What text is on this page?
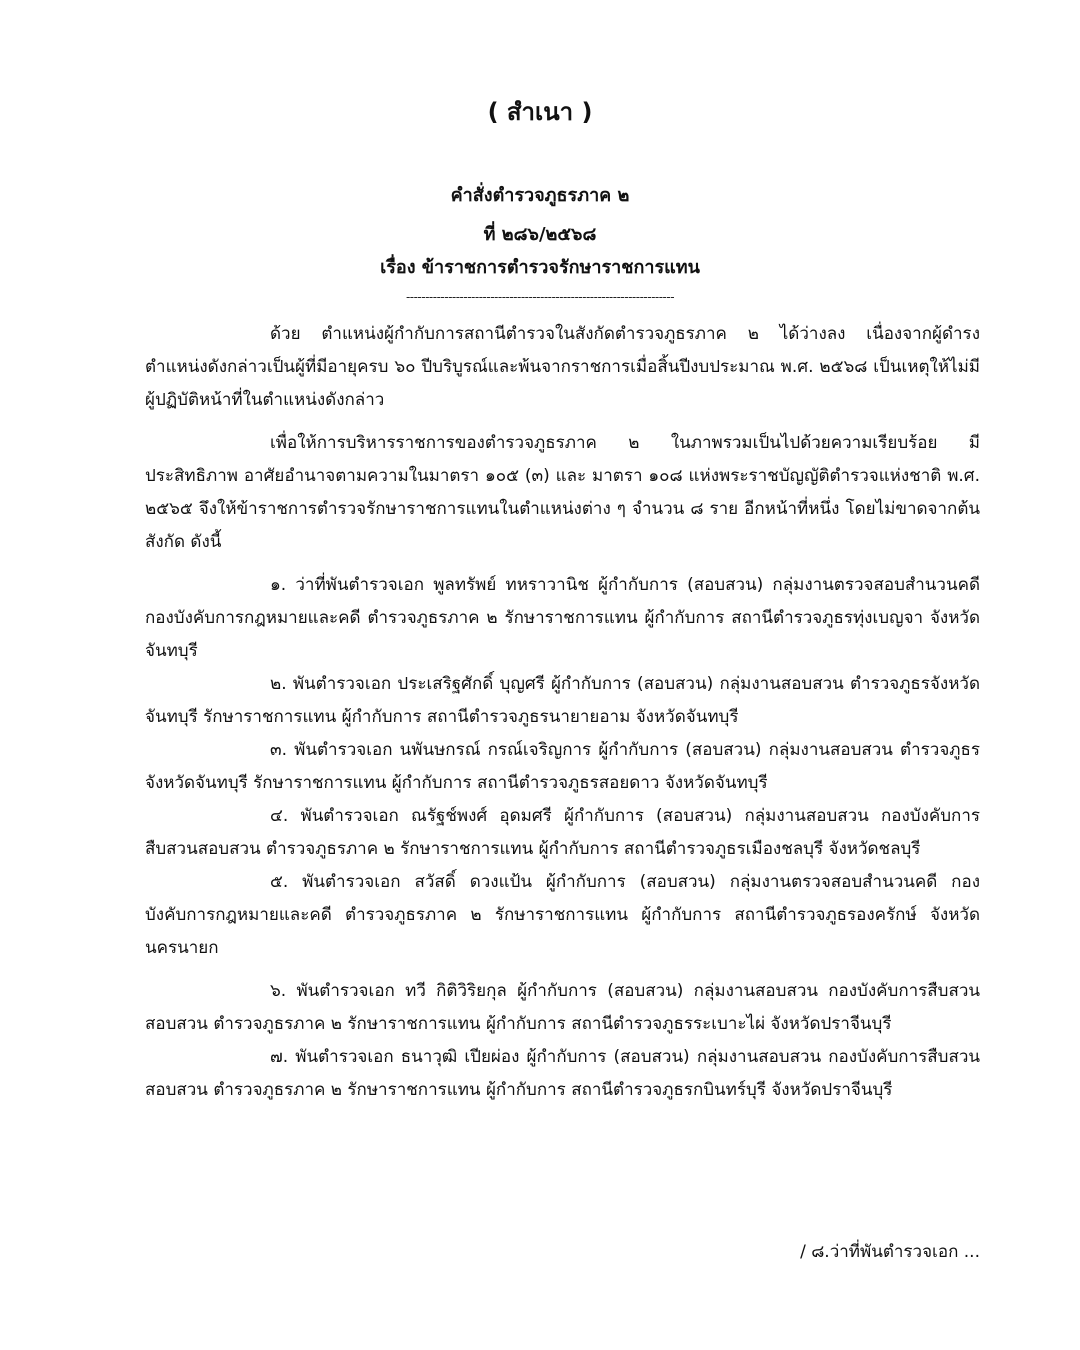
( สำเนา )
คำสั่งตำรวจภูธรภาค ๒
ที่ ๒๘๖/๒๕๖๘
เรื่อง ข้าราชการตำรวจรักษาราชการแทน
----------------------------------------------------------------------

ด้วย ตำแหน่งผู้กำกับการสถานีตำรวจในสังกัดตำรวจภูธรภาค ๒ ได้ว่างลง เนื่องจากผู้ดำรงตำแหน่งดังกล่าวเป็นผู้ที่มีอายุครบ ๖๐ ปีบริบูรณ์และพ้นจากราชการเมื่อสิ้นปีงบประมาณ พ.ศ. ๒๕๖๘ เป็นเหตุให้ไม่มีผู้ปฏิบัติหน้าที่ในตำแหน่งดังกล่าว

เพื่อให้การบริหารราชการของตำรวจภูธรภาค ๒ ในภาพรวมเป็นไปด้วยความเรียบร้อย มีประสิทธิภาพ อาศัยอำนาจตามความในมาตรา ๑๐๕ (๓) และ มาตรา ๑๐๘ แห่งพระราชบัญญัติตำรวจแห่งชาติ พ.ศ. ๒๕๖๕ จึงให้ข้าราชการตำรวจรักษาราชการแทนในตำแหน่งต่าง ๆ จำนวน ๘ ราย อีกหน้าที่หนึ่ง โดยไม่ขาดจากต้นสังกัด ดังนี้

๑. ว่าที่พันตำรวจเอก พูลทรัพย์ ทหราวานิช ผู้กำกับการ (สอบสวน) กลุ่มงานตรวจสอบสำนวนคดี กองบังคับการกฎหมายและคดี ตำรวจภูธรภาค ๒ รักษาราชการแทน ผู้กำกับการ สถานีตำรวจภูธรทุ่งเบญจา จังหวัดจันทบุรี

๒. พันตำรวจเอก ประเสริฐศักดิ์ บุญศรี ผู้กำกับการ (สอบสวน) กลุ่มงานสอบสวน ตำรวจภูธรจังหวัดจันทบุรี รักษาราชการแทน ผู้กำกับการ สถานีตำรวจภูธรนายายอาม จังหวัดจันทบุรี

๓. พันตำรวจเอก นพันษกรณ์ กรณ์เจริญการ ผู้กำกับการ (สอบสวน) กลุ่มงานสอบสวน ตำรวจภูธรจังหวัดจันทบุรี รักษาราชการแทน ผู้กำกับการ สถานีตำรวจภูธรสอยดาว จังหวัดจันทบุรี

๔. พันตำรวจเอก ณรัฐช์พงศ์ อุดมศรี ผู้กำกับการ (สอบสวน) กลุ่มงานสอบสวน กองบังคับการสืบสวนสอบสวน ตำรวจภูธรภาค ๒ รักษาราชการแทน ผู้กำกับการ สถานีตำรวจภูธรเมืองชลบุรี จังหวัดชลบุรี

๕. พันตำรวจเอก สวัสดิ์ ดวงแป้น ผู้กำกับการ (สอบสวน) กลุ่มงานตรวจสอบสำนวนคดี กองบังคับการกฎหมายและคดี ตำรวจภูธรภาค ๒ รักษาราชการแทน ผู้กำกับการ สถานีตำรวจภูธรองครักษ์ จังหวัดนครนายก

๖. พันตำรวจเอก ทวี กิติวิริยกุล ผู้กำกับการ (สอบสวน) กลุ่มงานสอบสวน กองบังคับการสืบสวนสอบสวน ตำรวจภูธรภาค ๒ รักษาราชการแทน ผู้กำกับการ สถานีตำรวจภูธรระเบาะไผ่ จังหวัดปราจีนบุรี

๗. พันตำรวจเอก ธนาวุฒิ เปียผ่อง ผู้กำกับการ (สอบสวน) กลุ่มงานสอบสวน กองบังคับการสืบสวนสอบสวน ตำรวจภูธรภาค ๒ รักษาราชการแทน ผู้กำกับการ สถานีตำรวจภูธรกบินทร์บุรี จังหวัดปราจีนบุรี

/ ๘.ว่าที่พันตำรวจเอก ...
